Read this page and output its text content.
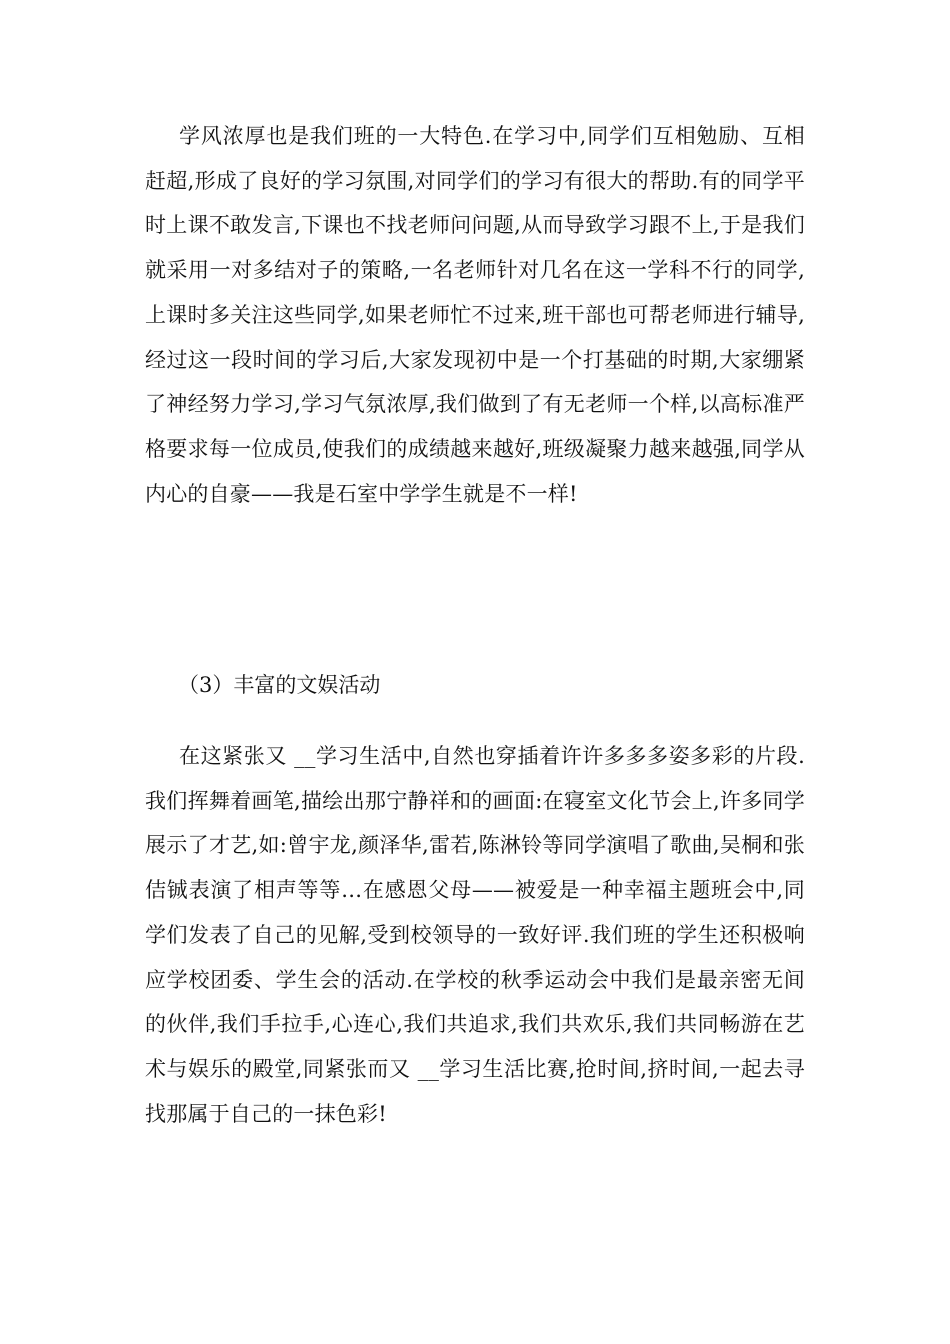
学风浓厚也是我们班的一大特色.在学习中,同学们互相勉励、互相赶超,形成了良好的学习氛围,对同学们的学习有很大的帮助.有的同学平时上课不敢发言,下课也不找老师问问题,从而导致学习跟不上,于是我们就采用一对多结对子的策略,一名老师针对几名在这一学科不行的同学,上课时多关注这些同学,如果老师忙不过来,班干部也可帮老师进行辅导,经过这一段时间的学习后,大家发现初中是一个打基础的时期,大家绷紧了神经努力学习,学习气氛浓厚,我们做到了有无老师一个样,以高标准严格要求每一位成员,使我们的成绩越来越好,班级凝聚力越来越强,同学从内心的自豪——我是石室中学学生就是不一样!

（3）丰富的文娱活动

在这紧张又 __学习生活中,自然也穿插着许许多多多姿多彩的片段.我们挥舞着画笔,描绘出那宁静祥和的画面:在寝室文化节会上,许多同学展示了才艺,如:曾宇龙,颜泽华,雷若,陈淋铃等同学演唱了歌曲,吴桐和张佶铖表演了相声等等…在感恩父母——被爱是一种幸福主题班会中,同学们发表了自己的见解,受到校领导的一致好评.我们班的学生还积极响应学校团委、学生会的活动.在学校的秋季运动会中我们是最亲密无间的伙伴,我们手拉手,心连心,我们共追求,我们共欢乐,我们共同畅游在艺术与娱乐的殿堂,同紧张而又 __学习生活比赛,抢时间,挤时间,一起去寻找那属于自己的一抹色彩!
